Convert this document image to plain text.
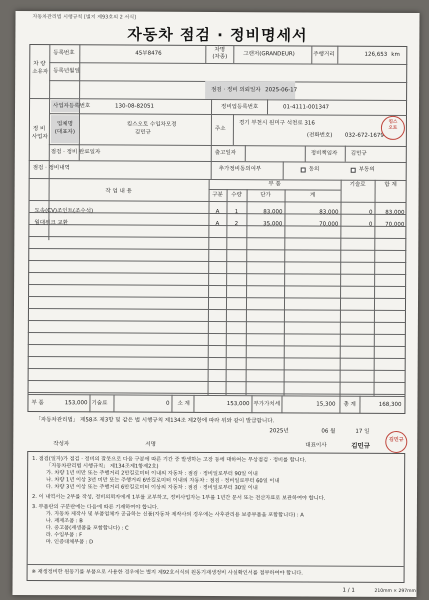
자동차관리법 시행규칙 [별지 제93호의 2 서식]
자동차 점검 · 정비명세서
차 량
소유자
등록번호	45부8476
차명
(차종)	그랜저(GRANDEUR)	주행거리	126,653 km
등록년월일
점검 · 정비 의뢰일자 2025-06-17
정 비
사업자
사업자등록번호	130-08-82051	정비업등록번호	01-4111-001347
업체명
(대표자)
킴스오토 수입차모경
김민규
주소
경기 부천시 원미구 석천로 316
(전화번호) 032-672-1679
킴스
오토
점검 · 정비 완료일자	출고일자	정비책임자 김민규
점검 · 정비내역	추가정비동의여부	동의	부동의
작 업 내 용
부 품	기술료	합 계
구분	수량	단가	계
도속(CV)조인트(조수석)	A	1	83,000	83,000	0	83,000
월대위크 교환	A	2	35,000	70,000	0	70,000
부 품	153,000 기술료	0 소 계	153,000 부가가치세	15,300 총 계	168,300
「자동차관리법」 제58조 제3항 및 같은 법 시행규칙 제134조 제2항에 따라 위와 같이 발급합니다.
2025년	06 월	17 일
작성자	서명	대표이사	김민규
김민규
1. 점검(일자)가 점검 · 정비의 잘못으로 다음 구분에 따른 기간 중 발생하는 고장 등에 대하여는 무상점검 · 정비를 합니다.
「자동차관리법 시행규칙」 제134조제1항제2호)
가. 차량 1년 미만 또는 주행거리 2만킬로미터 이내의 자동차 : 점검 · 정비일로부터 90일 이내
나. 차량 1년 이상 3년 미만 또는 주행거리 6만킬로미터 이내의 자동차 : 점검 · 정비일로부터 60일 이내
다. 차량 3년 이상 또는 주행거리 6만킬로미터 이상의 자동차 : 점검 · 정비일로부터 30일 이내
2. 이 내역서는 2부를 작성, 정비의뢰자에게 1부를 교부하고, 정비사업자는 1부를 1년간 문서 또는 전산자료로 보관하여야 합니다.
3. 부품란의 구분란에는 다음에 따른 기재하여야 합니다.
가. 자동차 제작사 및 부품업체가 공급하는 신품(자동차 제작사의 경우에는 사후관리용 보증부품을 포함합니다) : A
나. 재제조품 : B
다. 중고품(재생품을 포함합니다) : C
라. 수입부품 : F
마. 인증대체부품 : D
※ 재생정비한 원동기를 부품으로 사용한 경우에는 별지 제92호서식의 원동기재생정비 사실확인서를 첨부하여야 합니다.
1 / 1	210mm × 297mm
